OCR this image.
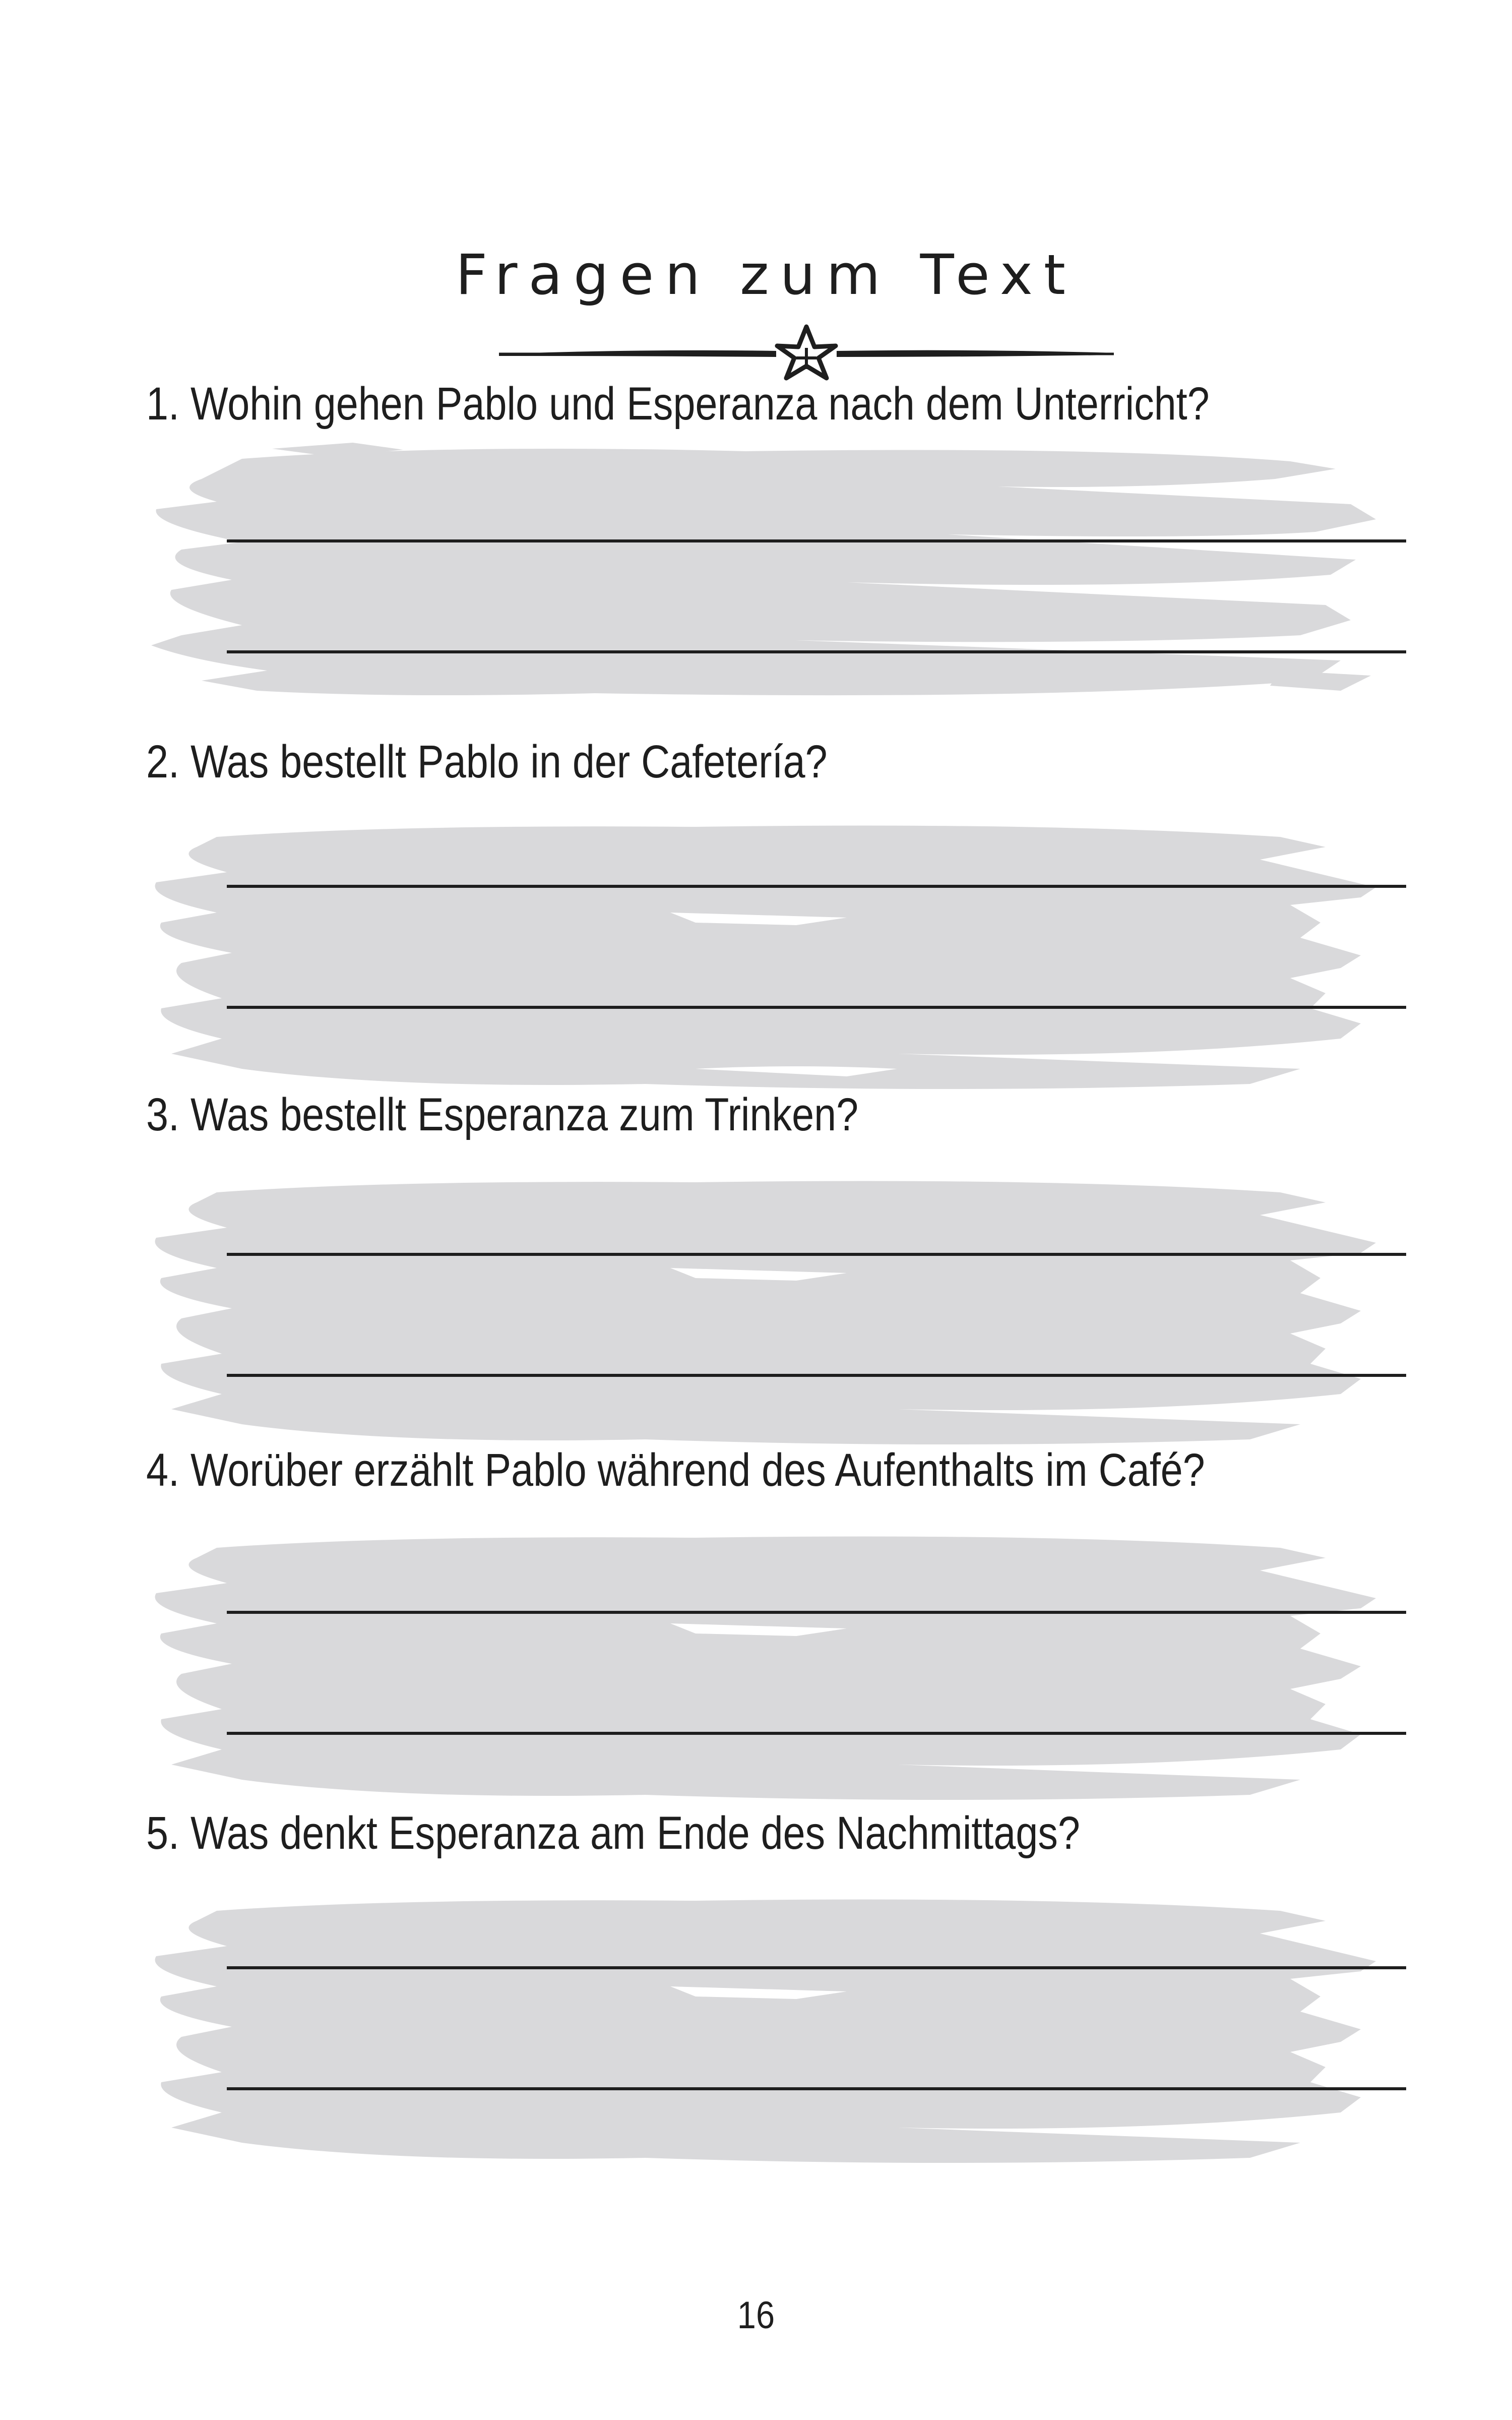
Fragen zum Text
1. Wohin gehen Pablo und Esperanza nach dem Unterricht?
2. Was bestellt Pablo in der Cafetería?
3. Was bestellt Esperanza zum Trinken?
4. Worüber erzählt Pablo während des Aufenthalts im Café?
5. Was denkt Esperanza am Ende des Nachmittags?
16
